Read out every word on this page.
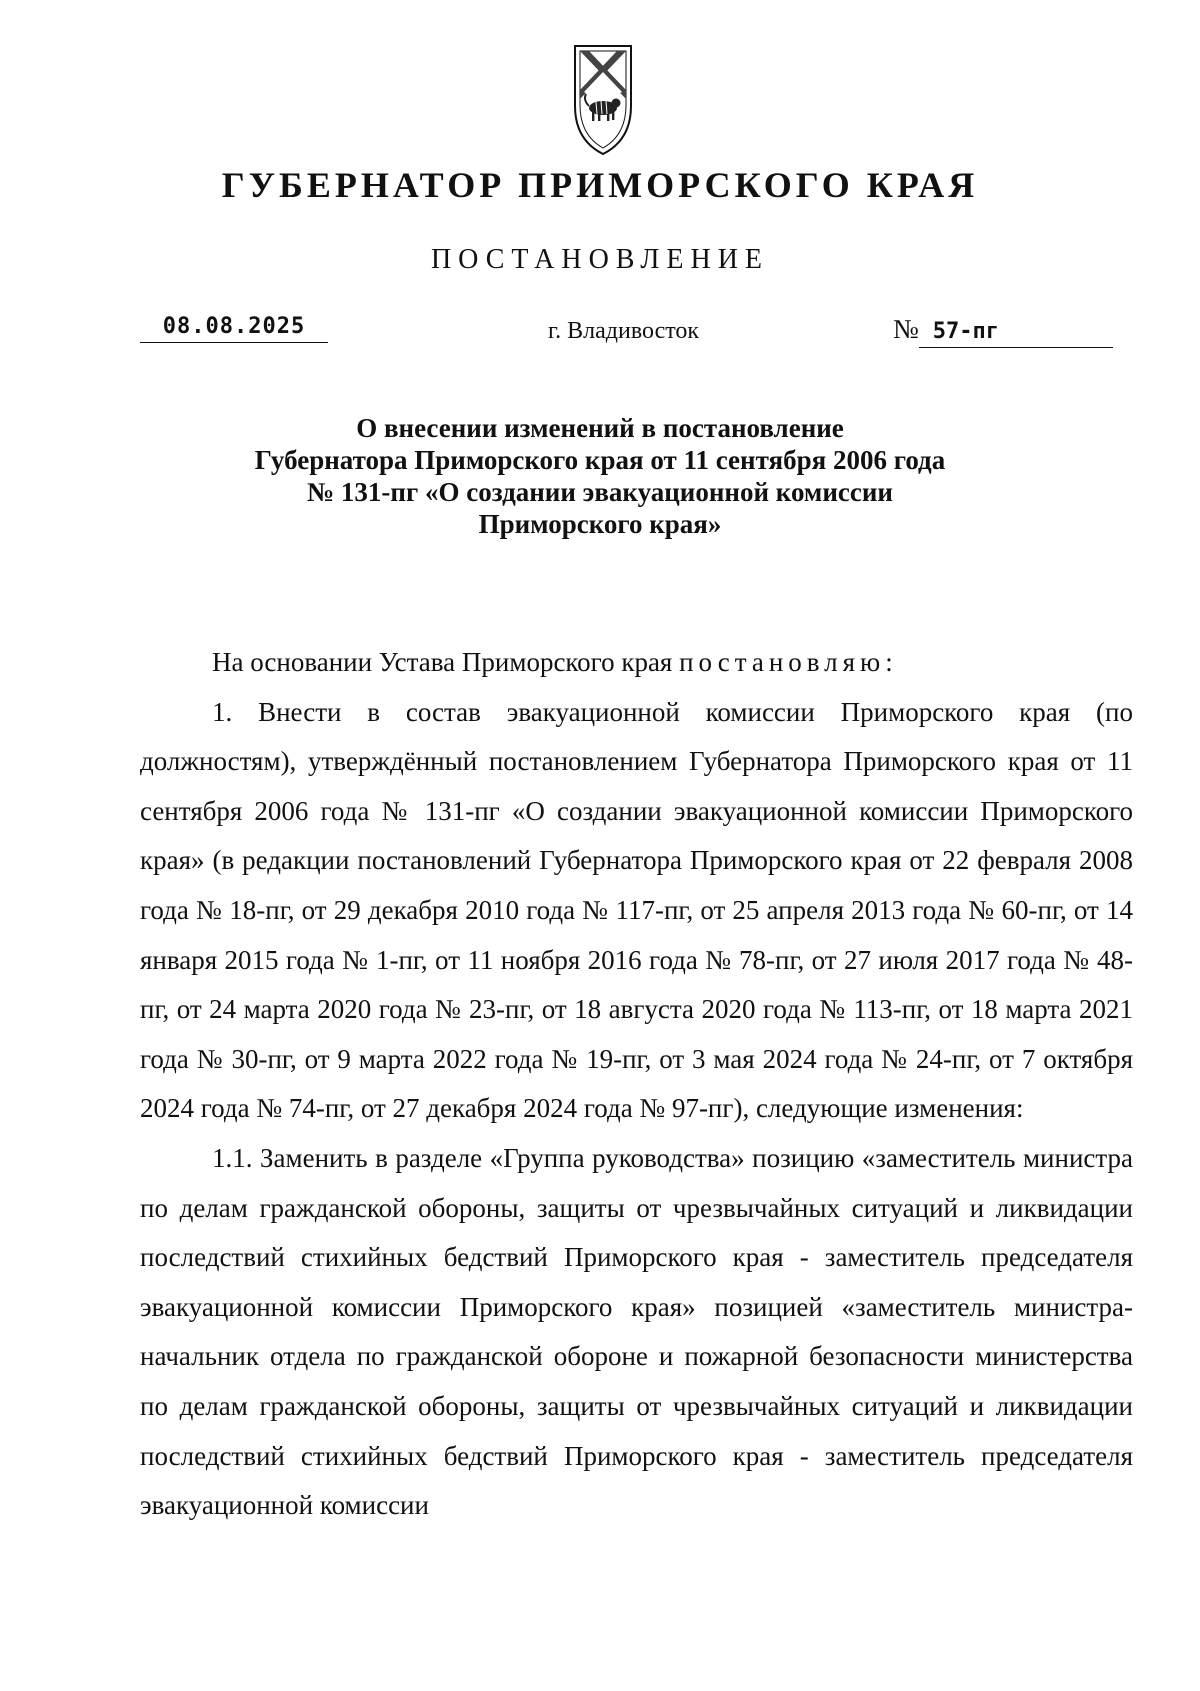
ГУБЕРНАТОР ПРИМОРСКОГО КРАЯ
ПОСТАНОВЛЕНИЕ
08.08.2025	г. Владивосток	№ 57-пг
О внесении изменений в постановление
Губернатора Приморского края от 11 сентября 2006 года
№ 131-пг «О создании эвакуационной комиссии
Приморского края»

На основании Устава Приморского края постановляю:

1. Внести в состав эвакуационной комиссии Приморского края (по должностям), утверждённый постановлением Губернатора Приморского края от 11 сентября 2006 года № 131-пг «О создании эвакуационной комиссии Приморского края» (в редакции постановлений Губернатора Приморского края от 22 февраля 2008 года № 18-пг, от 29 декабря 2010 года № 117-пг, от 25 апреля 2013 года № 60-пг, от 14 января 2015 года № 1-пг, от 11 ноября 2016 года № 78-пг, от 27 июля 2017 года № 48-пг, от 24 марта 2020 года № 23-пг, от 18 августа 2020 года № 113-пг, от 18 марта 2021 года № 30-пг, от 9 марта 2022 года № 19-пг, от 3 мая 2024 года № 24-пг, от 7 октября 2024 года № 74-пг, от 27 декабря 2024 года № 97-пг), следующие изменения:

1.1. Заменить в разделе «Группа руководства» позицию «заместитель министра по делам гражданской обороны, защиты от чрезвычайных ситуаций и ликвидации последствий стихийных бедствий Приморского края - заместитель председателя эвакуационной комиссии Приморского края» позицией «заместитель министра-начальник отдела по гражданской обороне и пожарной безопасности министерства по делам гражданской обороны, защиты от чрезвычайных ситуаций и ликвидации последствий стихийных бедствий Приморского края - заместитель председателя эвакуационной комиссии
